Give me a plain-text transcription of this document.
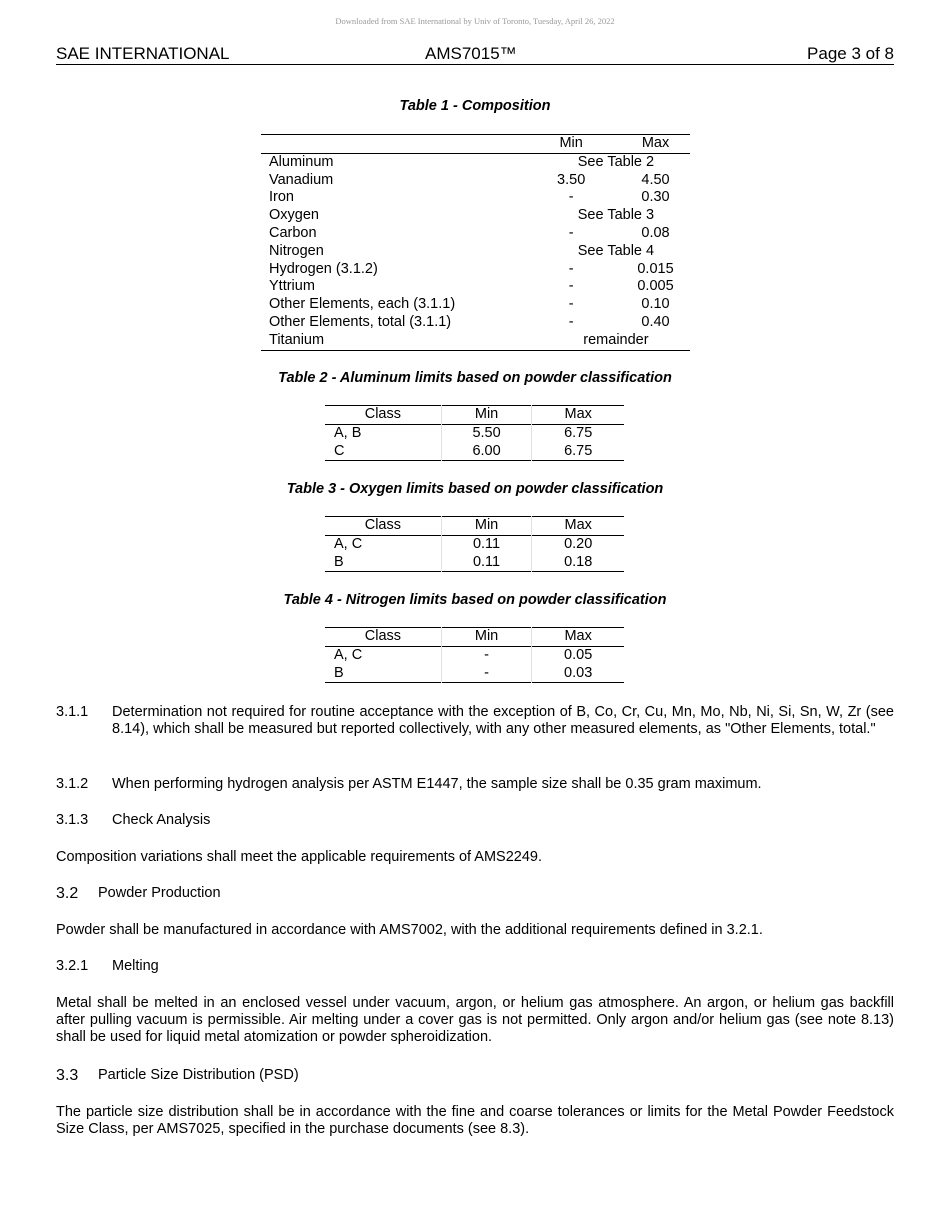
Downloaded from SAE International by Univ of Toronto, Tuesday, April 26, 2022
SAE INTERNATIONAL	AMS7015™	Page 3 of 8
Table 1 - Composition
	Min		Max
Aluminum	See Table 2		
Vanadium	3.50		4.50
Iron	-		0.30
Oxygen	See Table 3		
Carbon	-		0.08
Nitrogen	See Table 4		
Hydrogen (3.1.2)	-		0.015
Yttrium	-		0.005
Other Elements, each (3.1.1)	-		0.10
Other Elements, total (3.1.1)	-		0.40
Titanium	remainder		
Table 2 - Aluminum limits based on powder classification
Class	Min	Max
A, B	5.50	6.75
C	6.00	6.75
Table 3 - Oxygen limits based on powder classification
Class	Min	Max
A, C	0.11	0.20
B	0.11	0.18
Table 4 - Nitrogen limits based on powder classification
Class	Min	Max
A, C	-	0.05
B	-	0.03
3.1.1 Determination not required for routine acceptance with the exception of B, Co, Cr, Cu, Mn, Mo, Nb, Ni, Si, Sn, W, Zr (see 8.14), which shall be measured but reported collectively, with any other measured elements, as "Other Elements, total."
3.1.2 When performing hydrogen analysis per ASTM E1447, the sample size shall be 0.35 gram maximum.
3.1.3 Check Analysis
Composition variations shall meet the applicable requirements of AMS2249.
3.2 Powder Production
Powder shall be manufactured in accordance with AMS7002, with the additional requirements defined in 3.2.1.
3.2.1 Melting
Metal shall be melted in an enclosed vessel under vacuum, argon, or helium gas atmosphere. An argon, or helium gas backfill after pulling vacuum is permissible. Air melting under a cover gas is not permitted. Only argon and/or helium gas (see note 8.13) shall be used for liquid metal atomization or powder spheroidization.
3.3 Particle Size Distribution (PSD)
The particle size distribution shall be in accordance with the fine and coarse tolerances or limits for the Metal Powder Feedstock Size Class, per AMS7025, specified in the purchase documents (see 8.3).
